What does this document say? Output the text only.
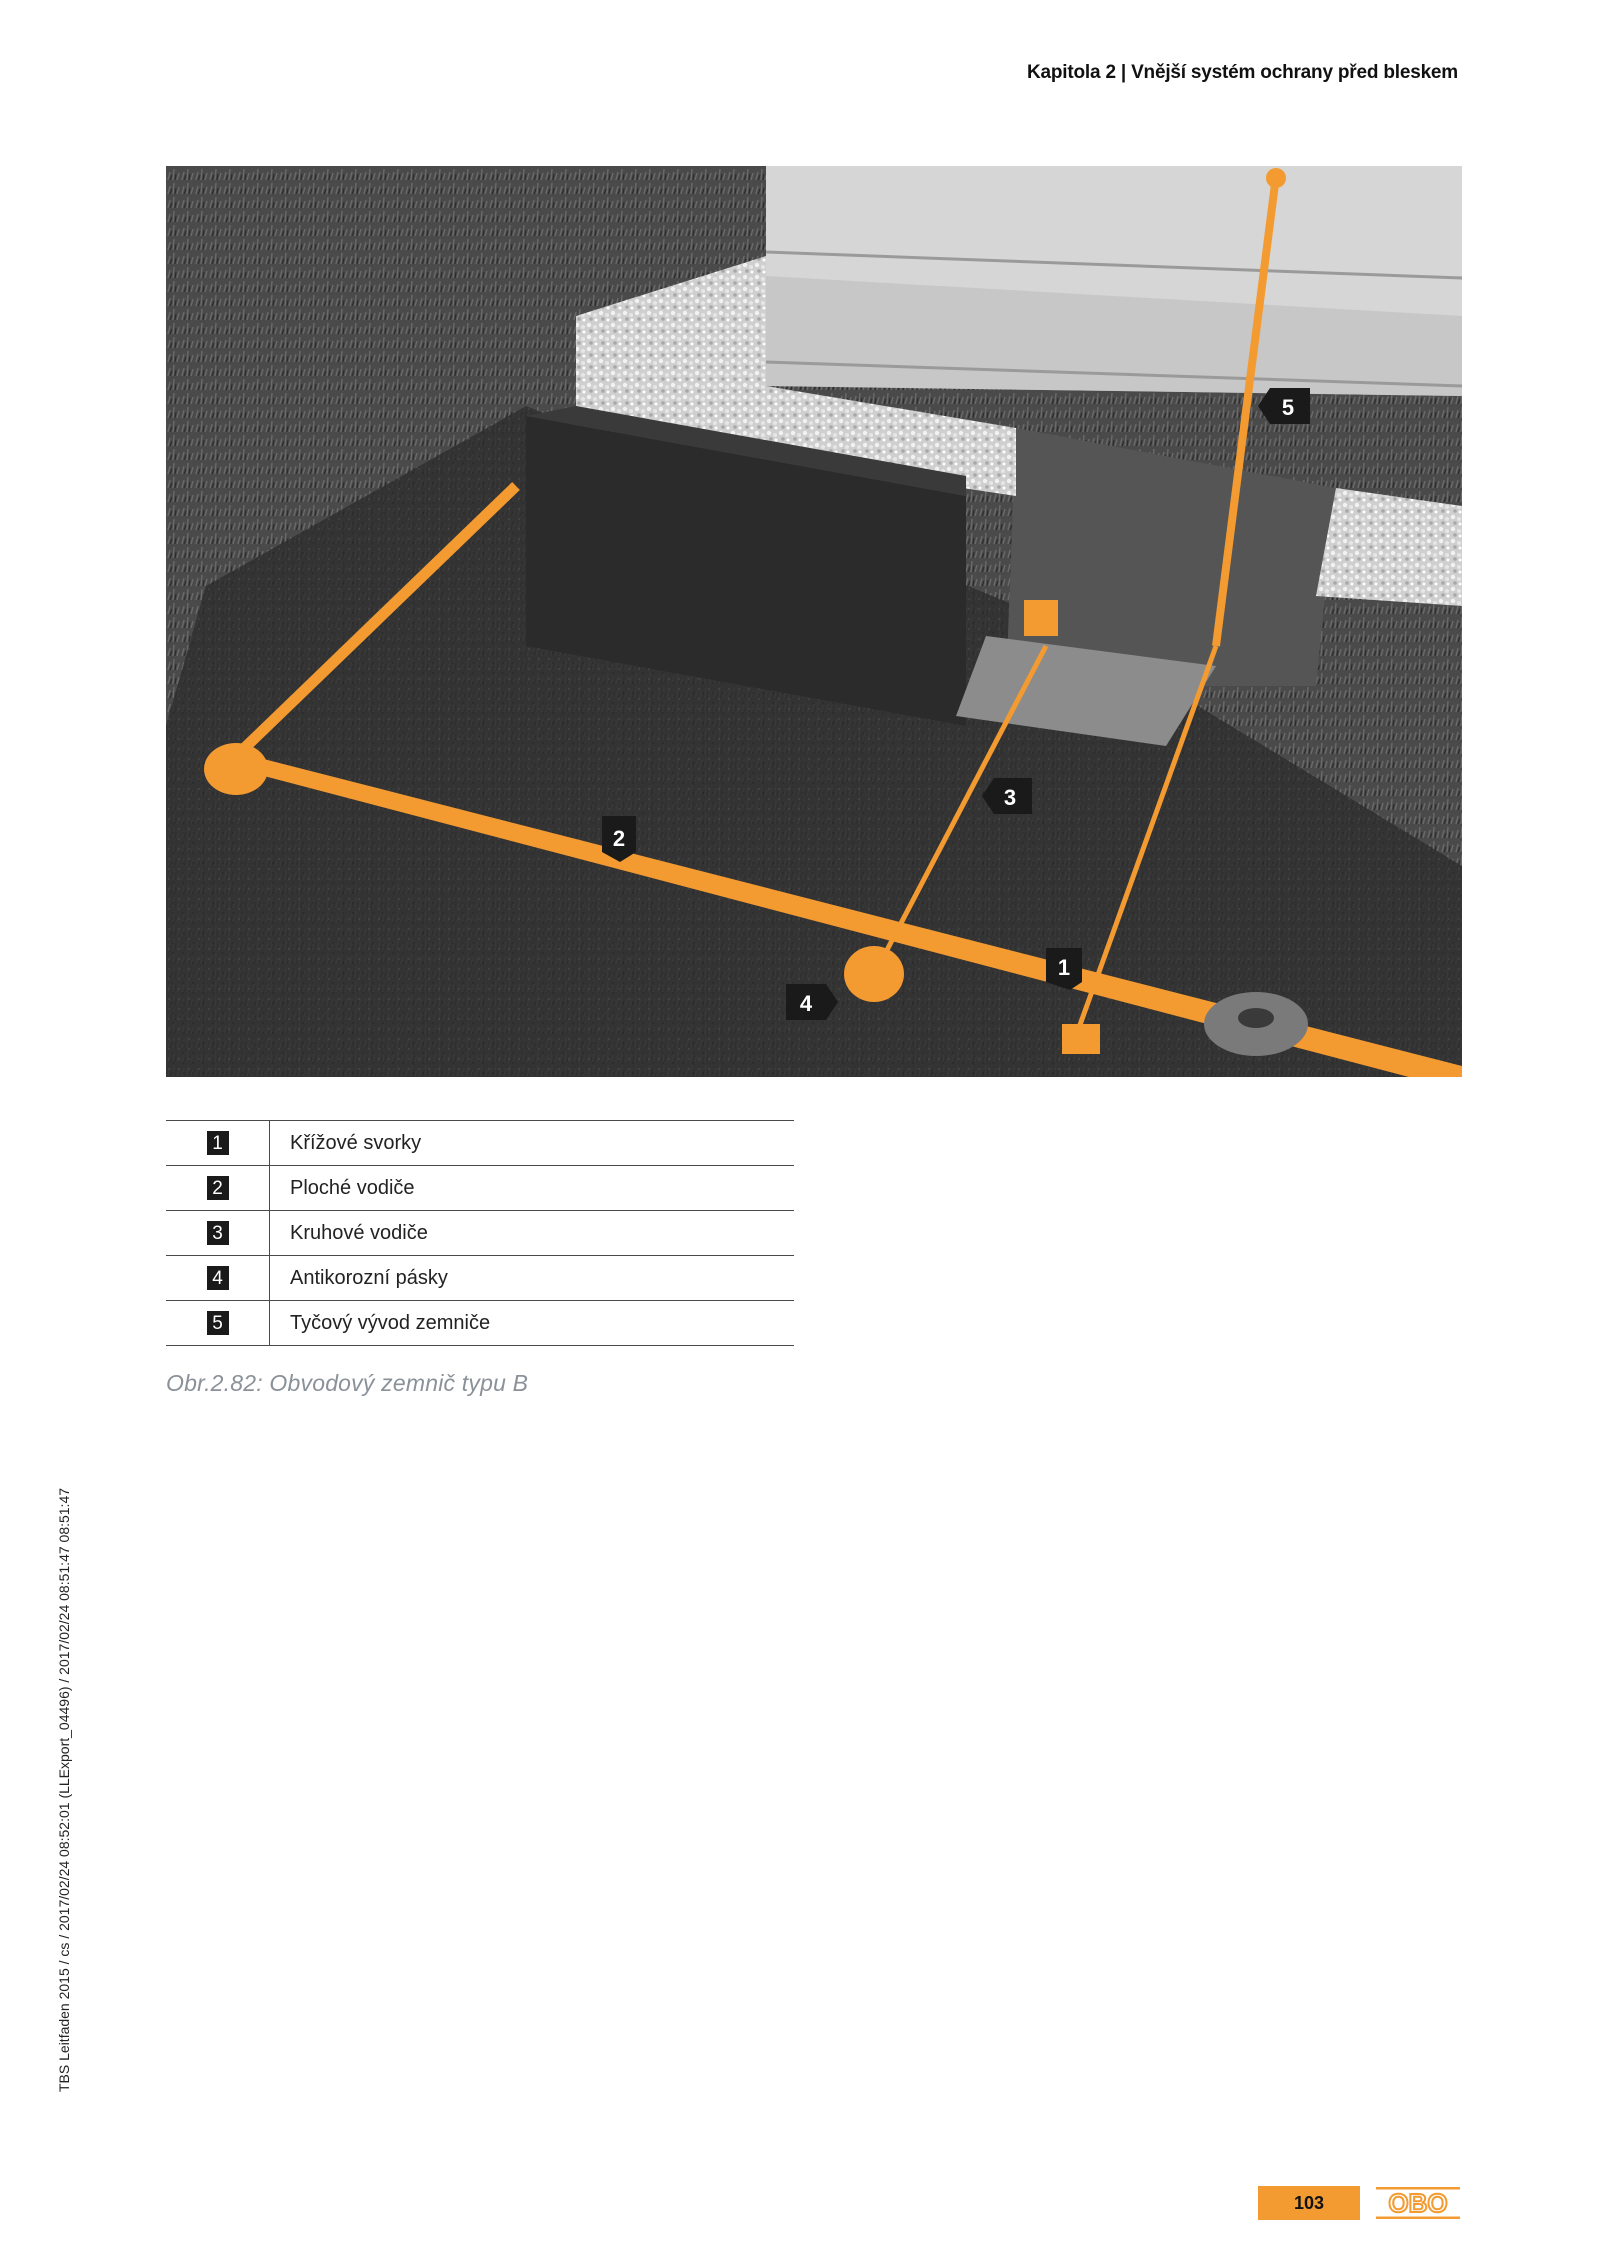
Kapitola 2 | Vnější systém ochrany před bleskem
1
2
3
4
5
1	Křížové svorky
2	Ploché vodiče
3	Kruhové vodiče
4	Antikorozní pásky
5	Tyčový vývod zemniče
Obr.2.82: Obvodový zemnič typu B
TBS Leitfaden 2015 / cs / 2017/02/24 08:52:01 (LLExport_04496) / 2017/02/24 08:51:47 08:51:47
103	OBO
